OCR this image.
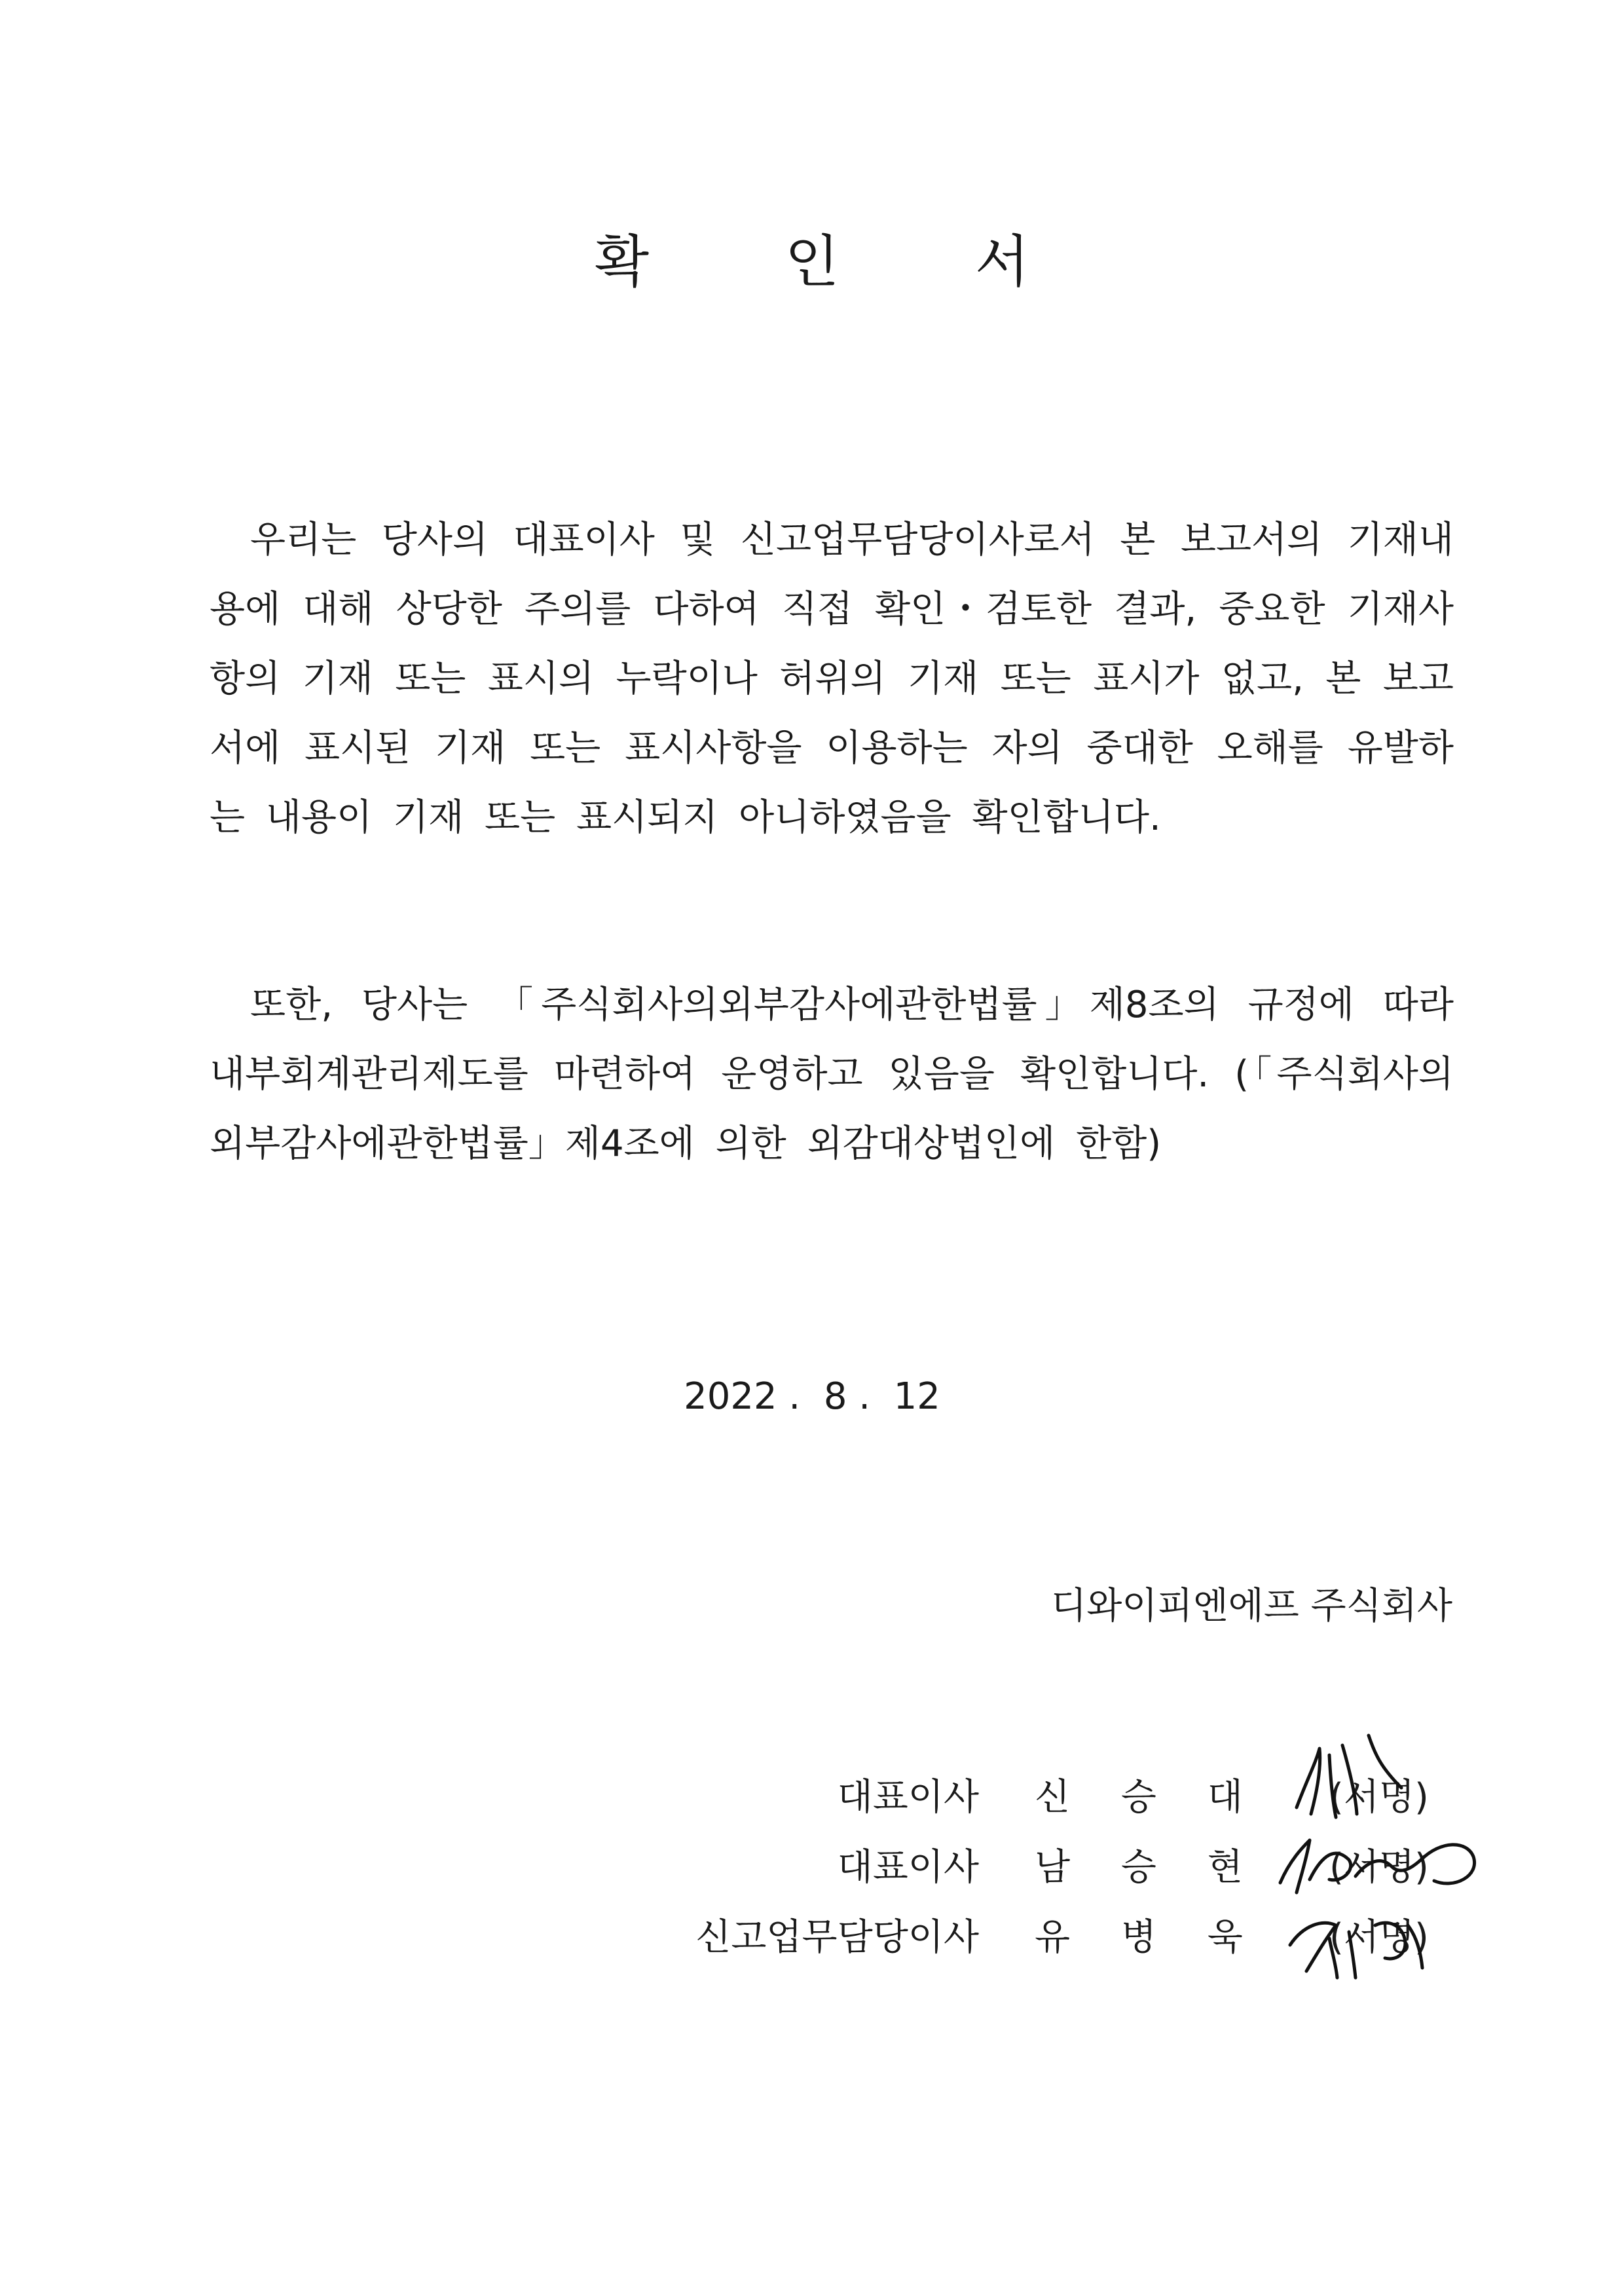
확 인 서

우리는 당사의 대표이사 및 신고업무담당이사로서 본 보고서의 기재내용에 대해 상당한 주의를 다하여 직접 확인・검토한 결과, 중요한 기재사항의 기재 또는 표시의 누락이나 허위의 기재 또는 표시가 없고, 본 보고서에 표시된 기재 또는 표시사항을 이용하는 자의 중대한 오해를 유발하는 내용이 기재 또는 표시되지 아니하였음을 확인합니다.

또한, 당사는 「주식회사의외부감사에관한법률」제8조의 규정에 따라 내부회계관리제도를 마련하여 운영하고 있음을 확인합니다. (「주식회사의외부감사에관한법률」제4조에 의한 외감대상법인에 한함)

2022 .  8 .  12
디와이피엔에프 주식회사
대표이사 신 승 대 (서명)
대표이사 남 승 현 (서명)
신고업무담당이사 유 병 욱 (서명)
